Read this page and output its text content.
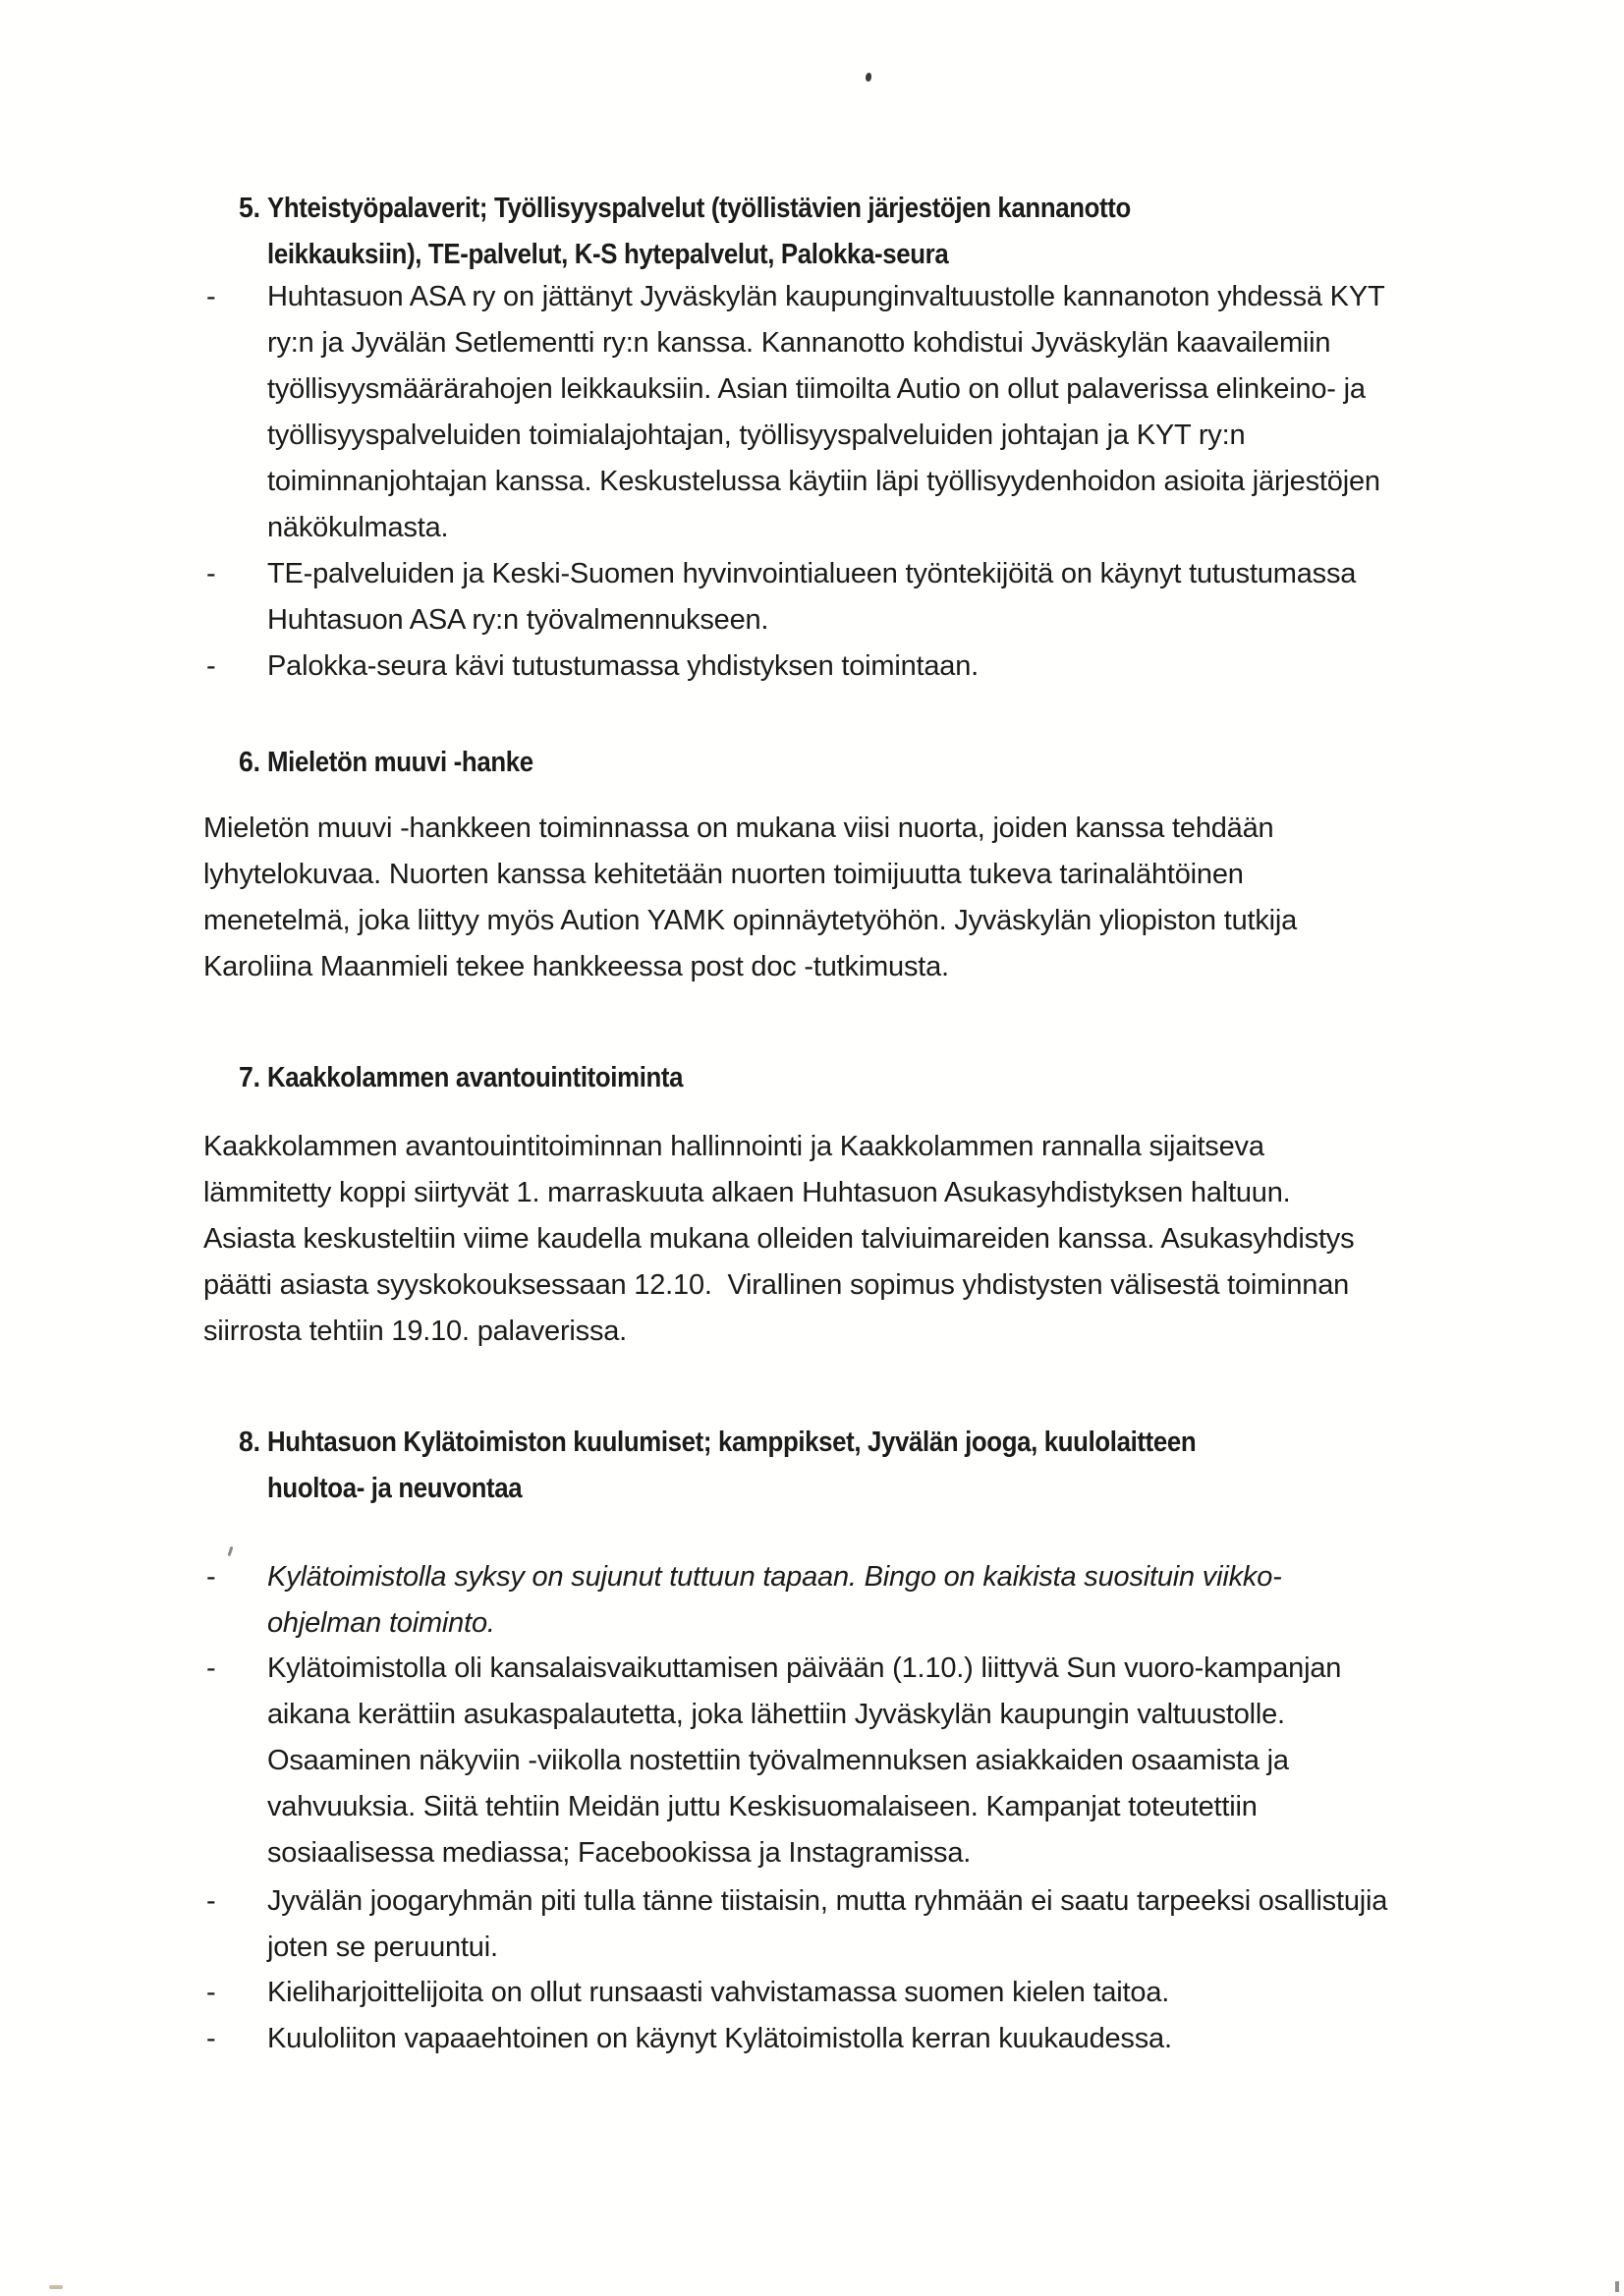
5. Yhteistyöpalaverit; Työllisyyspalvelut (työllistävien järjestöjen kannanotto
leikkauksiin), TE-palvelut, K-S hytepalvelut, Palokka-seura
- Huhtasuon ASA ry on jättänyt Jyväskylän kaupunginvaltuustolle kannanoton yhdessä KYT
ry:n ja Jyvälän Setlementti ry:n kanssa. Kannanotto kohdistui Jyväskylän kaavailemiin
työllisyysmäärärahojen leikkauksiin. Asian tiimoilta Autio on ollut palaverissa elinkeino- ja
työllisyyspalveluiden toimialajohtajan, työllisyyspalveluiden johtajan ja KYT ry:n
toiminnanjohtajan kanssa. Keskustelussa käytiin läpi työllisyydenhoidon asioita järjestöjen
näkökulmasta.
- TE-palveluiden ja Keski-Suomen hyvinvointialueen työntekijöitä on käynyt tutustumassa
Huhtasuon ASA ry:n työvalmennukseen.
- Palokka-seura kävi tutustumassa yhdistyksen toimintaan.
6. Mieletön muuvi -hanke
Mieletön muuvi -hankkeen toiminnassa on mukana viisi nuorta, joiden kanssa tehdään
lyhytelokuvaa. Nuorten kanssa kehitetään nuorten toimijuutta tukeva tarinalähtöinen
menetelmä, joka liittyy myös Aution YAMK opinnäytetyöhön. Jyväskylän yliopiston tutkija
Karoliina Maanmieli tekee hankkeessa post doc -tutkimusta.
7. Kaakkolammen avantouintitoiminta
Kaakkolammen avantouintitoiminnan hallinnointi ja Kaakkolammen rannalla sijaitseva
lämmitetty koppi siirtyvät 1. marraskuuta alkaen Huhtasuon Asukasyhdistyksen haltuun.
Asiasta keskusteltiin viime kaudella mukana olleiden talviuimareiden kanssa. Asukasyhdistys
päätti asiasta syyskokouksessaan 12.10.  Virallinen sopimus yhdistysten välisestä toiminnan
siirrosta tehtiin 19.10. palaverissa.
8. Huhtasuon Kylätoimiston kuulumiset; kamppikset, Jyvälän jooga, kuulolaitteen
huoltoa- ja neuvontaa
- Kylätoimistolla syksy on sujunut tuttuun tapaan. Bingo on kaikista suosituin viikko-
ohjelman toiminto.
- Kylätoimistolla oli kansalaisvaikuttamisen päivään (1.10.) liittyvä Sun vuoro-kampanjan
aikana kerättiin asukaspalautetta, joka lähettiin Jyväskylän kaupungin valtuustolle.
Osaaminen näkyviin -viikolla nostettiin työvalmennuksen asiakkaiden osaamista ja
vahvuuksia. Siitä tehtiin Meidän juttu Keskisuomalaiseen. Kampanjat toteutettiin
sosiaalisessa mediassa; Facebookissa ja Instagramissa.
- Jyvälän joogaryhmän piti tulla tänne tiistaisin, mutta ryhmään ei saatu tarpeeksi osallistujia
joten se peruuntui.
- Kieliharjoittelijoita on ollut runsaasti vahvistamassa suomen kielen taitoa.
- Kuuloliiton vapaaehtoinen on käynyt Kylätoimistolla kerran kuukaudessa.
